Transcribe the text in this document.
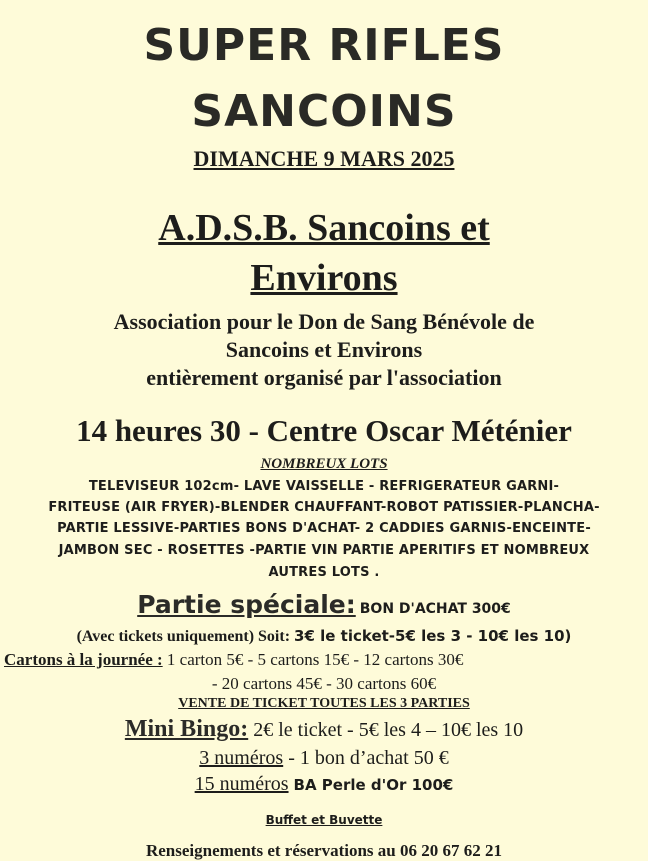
SUPER RIFLES
SANCOINS
DIMANCHE 9 MARS 2025
A.D.S.B. Sancoins et
Environs
Association pour le Don de Sang Bénévole de
Sancoins et Environs
entièrement organisé par l'association
14 heures 30 - Centre Oscar Méténier
NOMBREUX LOTS
TELEVISEUR 102cm- LAVE VAISSELLE - REFRIGERATEUR GARNI-
FRITEUSE (AIR FRYER)-BLENDER CHAUFFANT-ROBOT PATISSIER-PLANCHA-
PARTIE LESSIVE-PARTIES BONS D'ACHAT- 2 CADDIES GARNIS-ENCEINTE-
JAMBON SEC - ROSETTES -PARTIE VIN PARTIE APERITIFS ET NOMBREUX
AUTRES LOTS .
Partie spéciale: BON D'ACHAT 300€
(Avec tickets uniquement) Soit: 3€ le ticket-5€ les 3 - 10€ les 10)
Cartons à la journée : 1 carton 5€ - 5 cartons 15€ - 12 cartons 30€
- 20 cartons 45€ - 30 cartons 60€
VENTE DE TICKET TOUTES LES 3 PARTIES
Mini Bingo: 2€ le ticket - 5€ les 4 – 10€ les 10
3 numéros - 1 bon d’achat 50 €
15 numéros BA Perle d'Or 100€
Buffet et Buvette
Renseignements et réservations au 06 20 67 62 21
